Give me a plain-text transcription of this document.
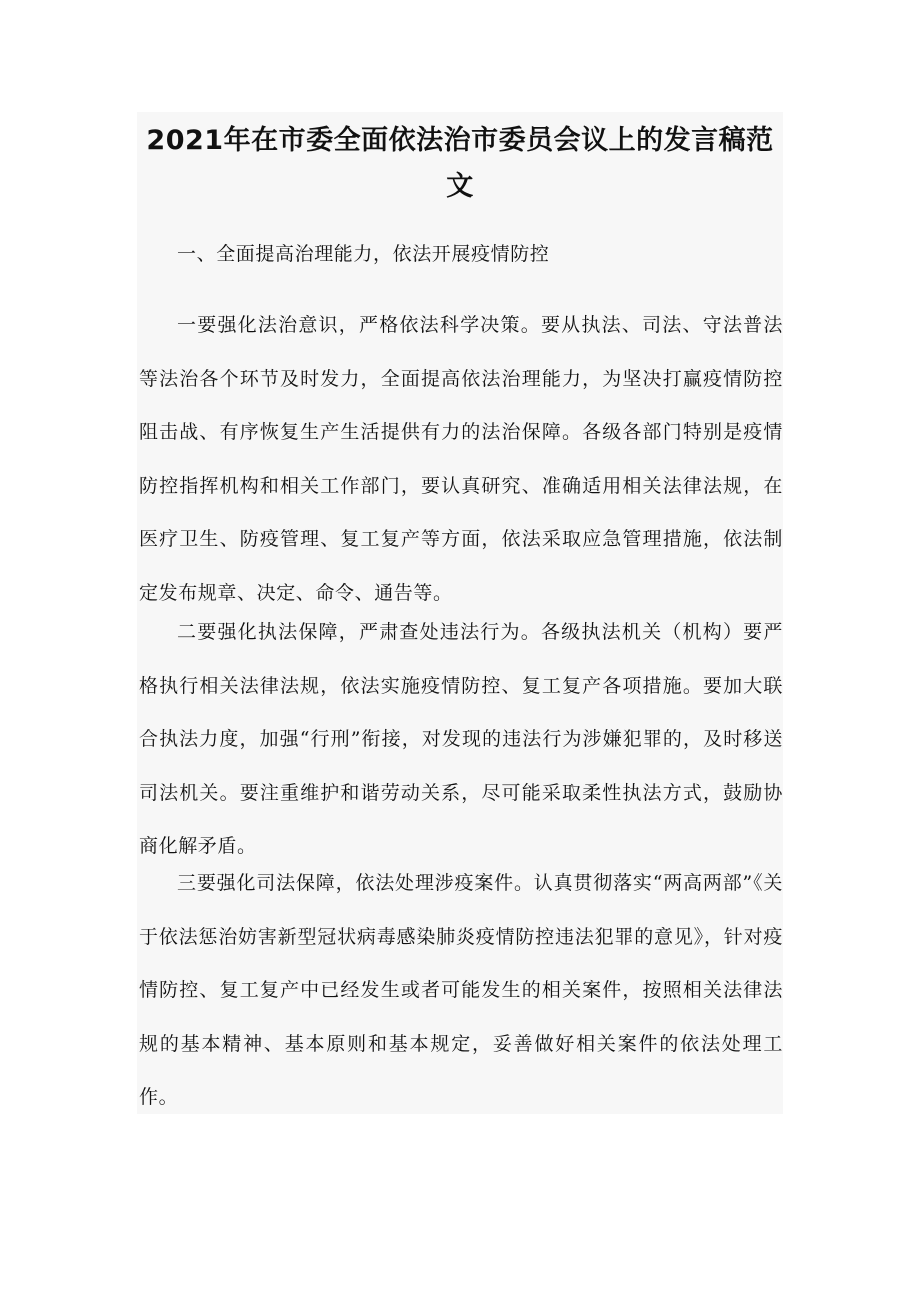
2021年在市委全面依法治市委员会议上的发言稿范
文

一、全面提高治理能力，依法开展疫情防控

一要强化法治意识，严格依法科学决策。要从执法、司法、守法普法等法治各个环节及时发力，全面提高依法治理能力，为坚决打赢疫情防控阻击战、有序恢复生产生活提供有力的法治保障。各级各部门特别是疫情防控指挥机构和相关工作部门，要认真研究、准确适用相关法律法规，在医疗卫生、防疫管理、复工复产等方面，依法采取应急管理措施，依法制定发布规章、决定、命令、通告等。

二要强化执法保障，严肃查处违法行为。各级执法机关（机构）要严格执行相关法律法规，依法实施疫情防控、复工复产各项措施。要加大联合执法力度，加强“行刑”衔接，对发现的违法行为涉嫌犯罪的，及时移送司法机关。要注重维护和谐劳动关系，尽可能采取柔性执法方式，鼓励协商化解矛盾。

三要强化司法保障，依法处理涉疫案件。认真贯彻落实“两高两部”《关于依法惩治妨害新型冠状病毒感染肺炎疫情防控违法犯罪的意见》，针对疫情防控、复工复产中已经发生或者可能发生的相关案件，按照相关法律法规的基本精神、基本原则和基本规定，妥善做好相关案件的依法处理工作。
